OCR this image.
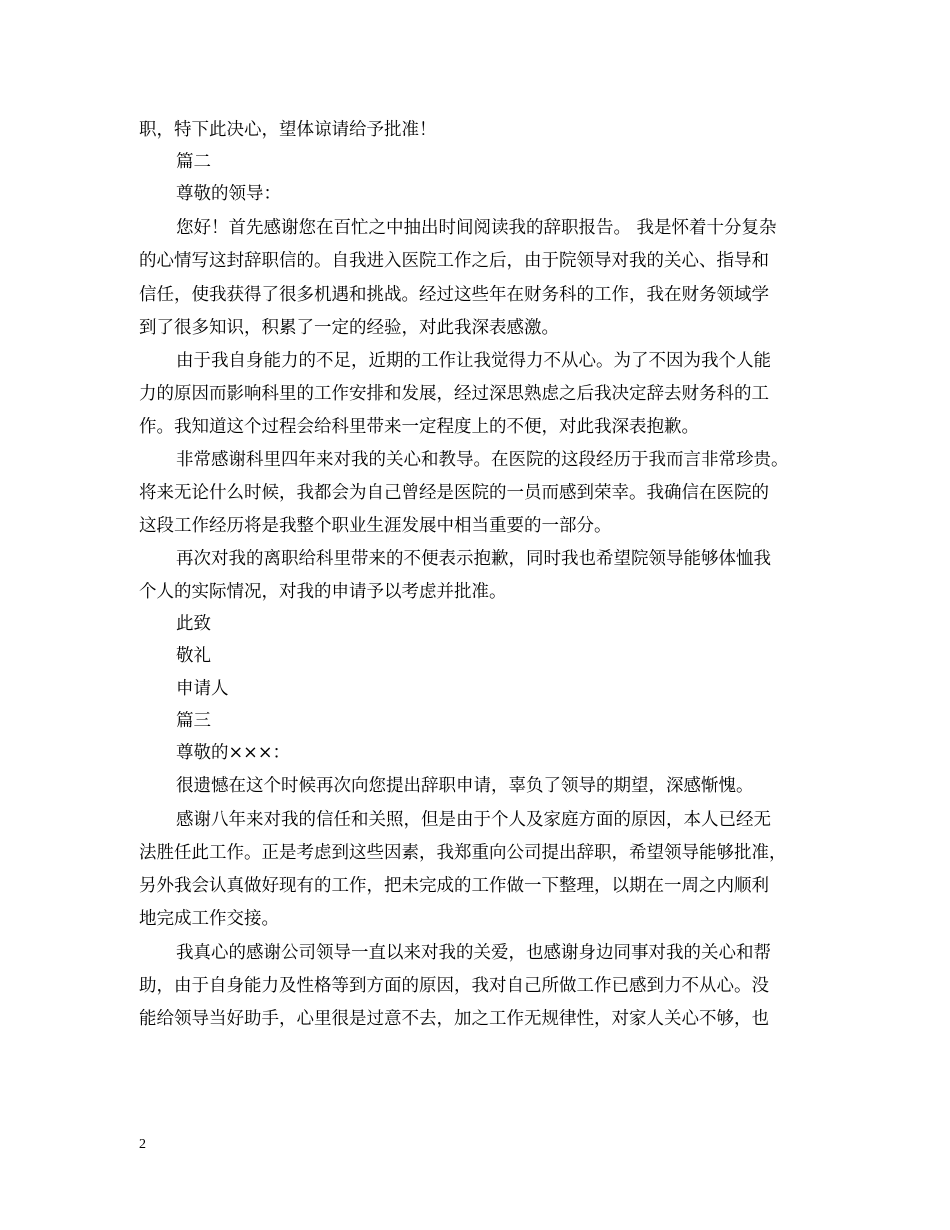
职，特下此决心，望体谅请给予批准！
篇二
尊敬的领导：
您好！首先感谢您在百忙之中抽出时间阅读我的辞职报告。 我是怀着十分复杂
的心情写这封辞职信的。自我进入医院工作之后，由于院领导对我的关心、指导和
信任，使我获得了很多机遇和挑战。经过这些年在财务科的工作，我在财务领域学
到了很多知识，积累了一定的经验，对此我深表感激。
由于我自身能力的不足，近期的工作让我觉得力不从心。为了不因为我个人能
力的原因而影响科里的工作安排和发展，经过深思熟虑之后我决定辞去财务科的工
作。我知道这个过程会给科里带来一定程度上的不便，对此我深表抱歉。
非常感谢科里四年来对我的关心和教导。在医院的这段经历于我而言非常珍贵。
将来无论什么时候，我都会为自己曾经是医院的一员而感到荣幸。我确信在医院的
这段工作经历将是我整个职业生涯发展中相当重要的一部分。
再次对我的离职给科里带来的不便表示抱歉，同时我也希望院领导能够体恤我
个人的实际情况，对我的申请予以考虑并批准。
此致
敬礼
申请人
篇三
尊敬的×××：
很遗憾在这个时候再次向您提出辞职申请，辜负了领导的期望，深感惭愧。
感谢八年来对我的信任和关照，但是由于个人及家庭方面的原因，本人已经无
法胜任此工作。正是考虑到这些因素，我郑重向公司提出辞职，希望领导能够批准，
另外我会认真做好现有的工作，把未完成的工作做一下整理，以期在一周之内顺利
地完成工作交接。
我真心的感谢公司领导一直以来对我的关爱，也感谢身边同事对我的关心和帮
助，由于自身能力及性格等到方面的原因，我对自己所做工作已感到力不从心。没
能给领导当好助手，心里很是过意不去，加之工作无规律性，对家人关心不够，也
2
